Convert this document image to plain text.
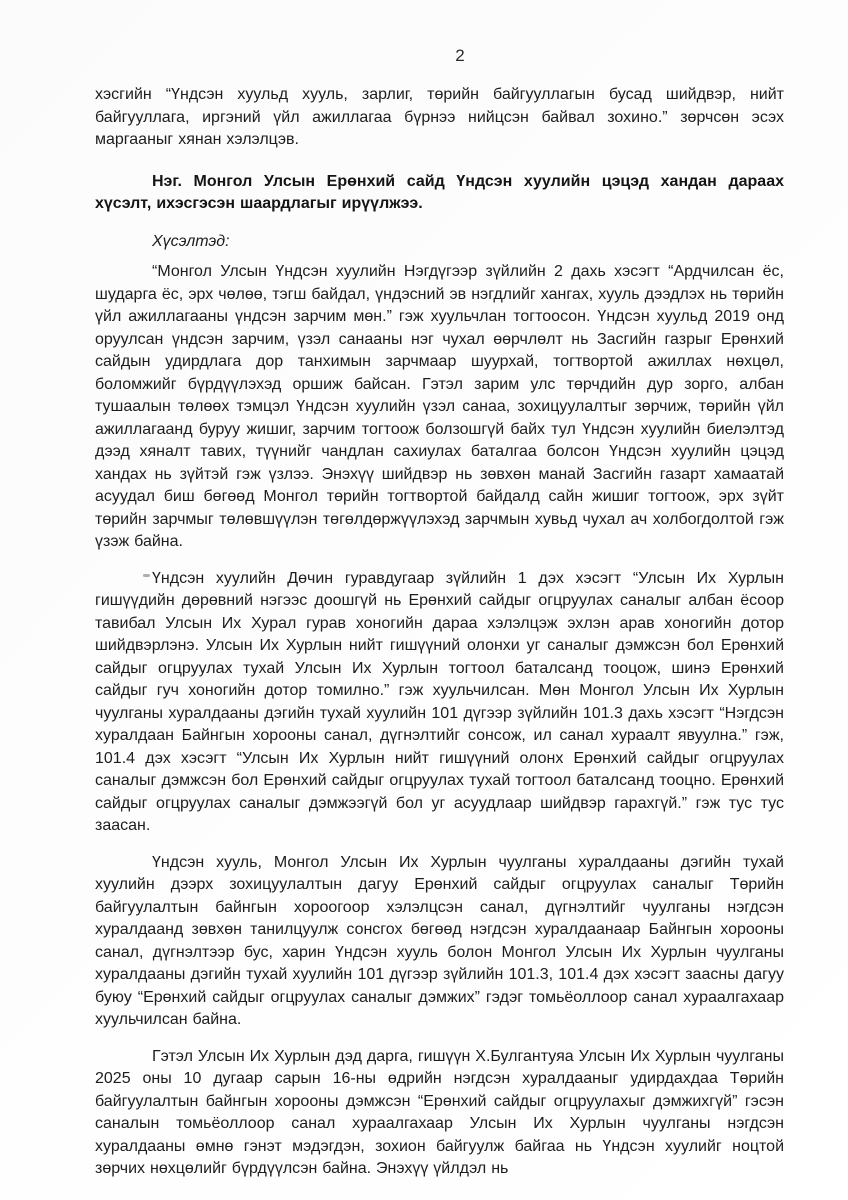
2

хэсгийн “Үндсэн хуульд хууль, зарлиг, төрийн байгууллагын бусад шийдвэр, нийт байгууллага, иргэний үйл ажиллагаа бүрнээ нийцсэн байвал зохино.” зөрчсөн эсэх маргааныг хянан хэлэлцэв.

Нэг. Монгол Улсын Ерөнхий сайд Үндсэн хуулийн цэцэд хандан дараах хүсэлт, ихэсгэсэн шаардлагыг ирүүлжээ.

Хүсэлтэд:

“Монгол Улсын Үндсэн хуулийн Нэгдүгээр зүйлийн 2 дахь хэсэгт “Ардчилсан ёс, шударга ёс, эрх чөлөө, тэгш байдал, үндэсний эв нэгдлийг хангах, хууль дээдлэх нь төрийн үйл ажиллагааны үндсэн зарчим мөн.” гэж хуульчлан тогтоосон. Үндсэн хуульд 2019 онд оруулсан үндсэн зарчим, үзэл санааны нэг чухал өөрчлөлт нь Засгийн газрыг Ерөнхий сайдын удирдлага дор танхимын зарчмаар шуурхай, тогтвортой ажиллах нөхцөл, боломжийг бүрдүүлэхэд оршиж байсан. Гэтэл зарим улс төрчдийн дур зорго, албан тушаалын төлөөх тэмцэл Үндсэн хуулийн үзэл санаа, зохицуулалтыг зөрчиж, төрийн үйл ажиллагаанд буруу жишиг, зарчим тогтоож болзошгүй байх тул Үндсэн хуулийн биелэлтэд дээд хяналт тавих, түүнийг чандлан сахиулах баталгаа болсон Үндсэн хуулийн цэцэд хандах нь зүйтэй гэж үзлээ. Энэхүү шийдвэр нь зөвхөн манай Засгийн газарт хамаатай асуудал биш бөгөөд Монгол төрийн тогтвортой байдалд сайн жишиг тогтоож, эрх зүйт төрийн зарчмыг төлөвшүүлэн төгөлдөржүүлэхэд зарчмын хувьд чухал ач холбогдолтой гэж үзэж байна.

Үндсэн хуулийн Дөчин гуравдугаар зүйлийн 1 дэх хэсэгт “Улсын Их Хурлын гишүүдийн дөрөвний нэгээс доошгүй нь Ерөнхий сайдыг огцруулах саналыг албан ёсоор тавибал Улсын Их Хурал гурав хоногийн дараа хэлэлцэж эхлэн арав хоногийн дотор шийдвэрлэнэ. Улсын Их Хурлын нийт гишүүний олонхи уг саналыг дэмжсэн бол Ерөнхий сайдыг огцруулах тухай Улсын Их Хурлын тогтоол баталсанд тооцож, шинэ Ерөнхий сайдыг гуч хоногийн дотор томилно.” гэж хуульчилсан. Мөн Монгол Улсын Их Хурлын чуулганы хуралдааны дэгийн тухай хуулийн 101 дүгээр зүйлийн 101.3 дахь хэсэгт “Нэгдсэн хуралдаан Байнгын хорооны санал, дүгнэлтийг сонсож, ил санал хураалт явуулна.” гэж, 101.4 дэх хэсэгт “Улсын Их Хурлын нийт гишүүний олонх Ерөнхий сайдыг огцруулах саналыг дэмжсэн бол Ерөнхий сайдыг огцруулах тухай тогтоол баталсанд тооцно. Ерөнхий сайдыг огцруулах саналыг дэмжээгүй бол уг асуудлаар шийдвэр гарахгүй.” гэж тус тус заасан.

Үндсэн хууль, Монгол Улсын Их Хурлын чуулганы хуралдааны дэгийн тухай хуулийн дээрх зохицуулалтын дагуу Ерөнхий сайдыг огцруулах саналыг Төрийн байгуулалтын байнгын хороогоор хэлэлцсэн санал, дүгнэлтийг чуулганы нэгдсэн хуралдаанд зөвхөн танилцуулж сонсгох бөгөөд нэгдсэн хуралдаанаар Байнгын хорооны санал, дүгнэлтээр бус, харин Үндсэн хууль болон Монгол Улсын Их Хурлын чуулганы хуралдааны дэгийн тухай хуулийн 101 дүгээр зүйлийн 101.3, 101.4 дэх хэсэгт заасны дагуу буюу “Ерөнхий сайдыг огцруулах саналыг дэмжих” гэдэг томьёоллоор санал хураалгахаар хуульчилсан байна.

Гэтэл Улсын Их Хурлын дэд дарга, гишүүн Х.Булгантуяа Улсын Их Хурлын чуулганы 2025 оны 10 дугаар сарын 16-ны өдрийн нэгдсэн хуралдааныг удирдахдаа Төрийн байгуулалтын байнгын хорооны дэмжсэн “Ерөнхий сайдыг огцруулахыг дэмжихгүй” гэсэн саналын томьёоллоор санал хураалгахаар Улсын Их Хурлын чуулганы нэгдсэн хуралдааны өмнө гэнэт мэдэгдэн, зохион байгуулж байгаа нь Үндсэн хуулийг ноцтой зөрчих нөхцөлийг бүрдүүлсэн байна. Энэхүү үйлдэл нь
